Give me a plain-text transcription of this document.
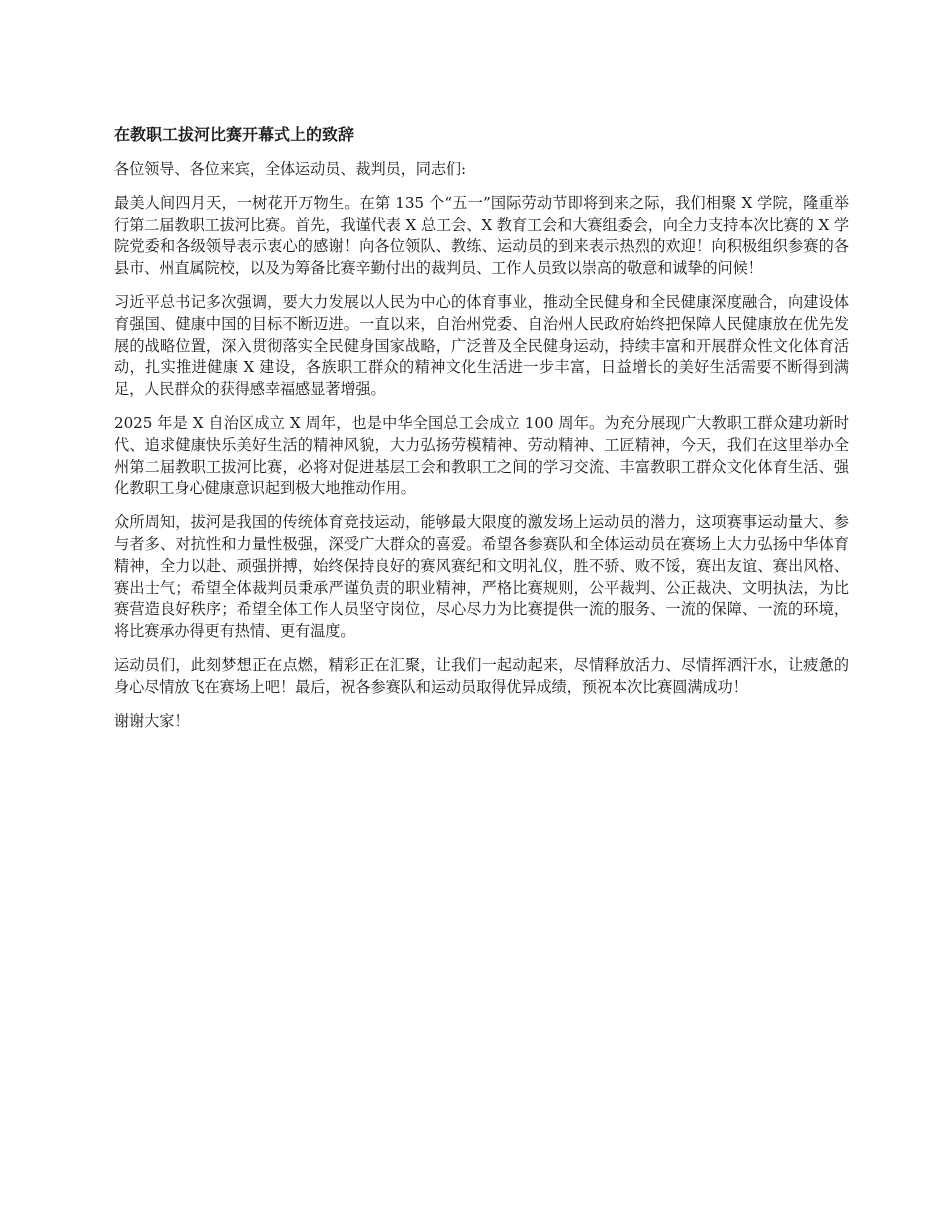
在教职工拔河比赛开幕式上的致辞

各位领导、各位来宾，全体运动员、裁判员，同志们:

最美人间四月天，一树花开万物生。在第 135 个“五一”国际劳动节即将到来之际，我们相聚 X 学院，隆重举行第二届教职工拔河比赛。首先，我谨代表 X 总工会、X 教育工会和大赛组委会，向全力支持本次比赛的 X 学院党委和各级领导表示衷心的感谢！向各位领队、教练、运动员的到来表示热烈的欢迎！向积极组织参赛的各县市、州直属院校，以及为筹备比赛辛勤付出的裁判员、工作人员致以崇高的敬意和诚挚的问候！

习近平总书记多次强调，要大力发展以人民为中心的体育事业，推动全民健身和全民健康深度融合，向建设体育强国、健康中国的目标不断迈进。一直以来，自治州党委、自治州人民政府始终把保障人民健康放在优先发展的战略位置，深入贯彻落实全民健身国家战略，广泛普及全民健身运动，持续丰富和开展群众性文化体育活动，扎实推进健康 X 建设，各族职工群众的精神文化生活进一步丰富，日益增长的美好生活需要不断得到满足，人民群众的获得感幸福感显著增强。

2025 年是 X 自治区成立 X 周年，也是中华全国总工会成立 100 周年。为充分展现广大教职工群众建功新时代、追求健康快乐美好生活的精神风貌，大力弘扬劳模精神、劳动精神、工匠精神，今天，我们在这里举办全州第二届教职工拔河比赛，必将对促进基层工会和教职工之间的学习交流、丰富教职工群众文化体育生活、强化教职工身心健康意识起到极大地推动作用。

众所周知，拔河是我国的传统体育竞技运动，能够最大限度的激发场上运动员的潜力，这项赛事运动量大、参与者多、对抗性和力量性极强，深受广大群众的喜爱。希望各参赛队和全体运动员在赛场上大力弘扬中华体育精神，全力以赴、顽强拼搏，始终保持良好的赛风赛纪和文明礼仪，胜不骄、败不馁，赛出友谊、赛出风格、赛出士气；希望全体裁判员秉承严谨负责的职业精神，严格比赛规则，公平裁判、公正裁决、文明执法，为比赛营造良好秩序；希望全体工作人员坚守岗位，尽心尽力为比赛提供一流的服务、一流的保障、一流的环境，将比赛承办得更有热情、更有温度。

运动员们，此刻梦想正在点燃，精彩正在汇聚，让我们一起动起来，尽情释放活力、尽情挥洒汗水，让疲惫的身心尽情放飞在赛场上吧！最后，祝各参赛队和运动员取得优异成绩，预祝本次比赛圆满成功！

谢谢大家！
